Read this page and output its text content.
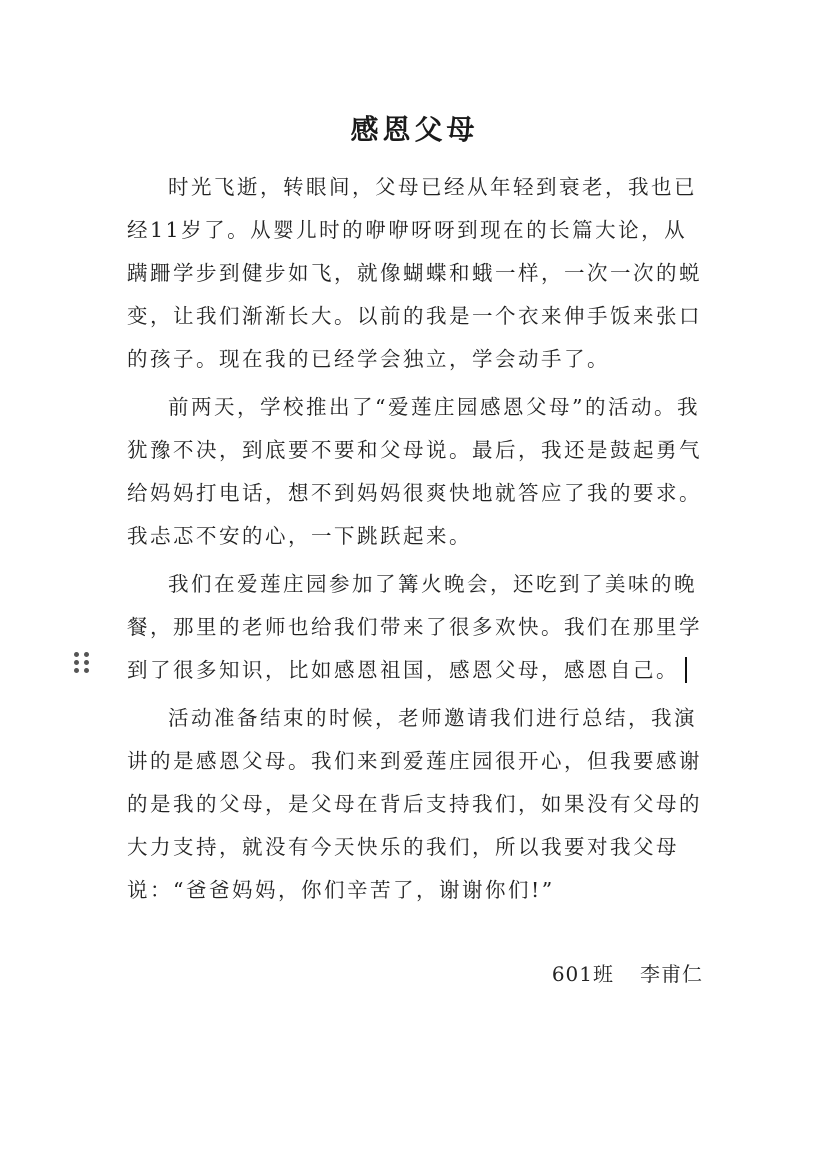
感恩父母

时光飞逝，转眼间，父母已经从年轻到衰老，我也已经11岁了。从婴儿时的咿咿呀呀到现在的长篇大论，从蹒跚学步到健步如飞，就像蝴蝶和蛾一样，一次一次的蜕变，让我们渐渐长大。以前的我是一个衣来伸手饭来张口的孩子。现在我的已经学会独立，学会动手了。

前两天，学校推出了“爱莲庄园感恩父母”的活动。我犹豫不决，到底要不要和父母说。最后，我还是鼓起勇气给妈妈打电话，想不到妈妈很爽快地就答应了我的要求。我忐忑不安的心，一下跳跃起来。

我们在爱莲庄园参加了篝火晚会，还吃到了美味的晚餐，那里的老师也给我们带来了很多欢快。我们在那里学到了很多知识，比如感恩祖国，感恩父母，感恩自己。

活动准备结束的时候，老师邀请我们进行总结，我演讲的是感恩父母。我们来到爱莲庄园很开心，但我要感谢的是我的父母，是父母在背后支持我们，如果没有父母的大力支持，就没有今天快乐的我们，所以我要对我父母说：“爸爸妈妈，你们辛苦了，谢谢你们!”

601班 李甫仁
